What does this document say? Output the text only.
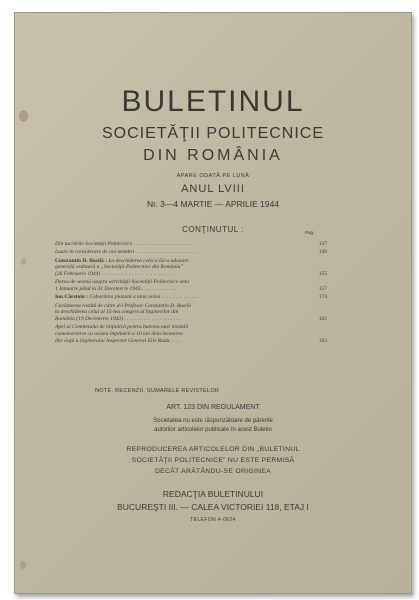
BULETINUL
SOCIETĂŢII POLITECNICE
DIN ROMÂNIA
APARE ODATĂ PE LUNĂ
ANUL LVIII
Nr. 3—4 MARTIE — APRILIE 1944
CONŢINUTUL :	Pag.
Din lucrările Societăţii Politecnice . . . . . . . . . . . . . . . . . . . . . .	137
Luare în considerare de noi membri . . . . . . . . . . . . . . . . . . . . . . .	149
Constantin D. Busilă : La deschiderea celei a 62-a adunare
generală ordinară a „Societăţii Politecnice din România”
(26 Februarie 1944) . . . . . . . . . . . . . . . . . . . . . . . . . . .	155
Darea de seamă asupra activităţii Societăţii Politecnice dela
1 Ianuarie până la 31 Decemvrie 1943 . . . . . . . . . . . . . .	157
Ion Cârstoiu : Coborârea planată a unui avion . . . . . . . . . . . . . .	174
Cuvântarea rostită de către d-l Profesor Constantin D. Busilă
la deschiderea celui al 15-lea congres al Inginerilor din
România (19 Decemvrie 1943) . . . . . . . . . . . . . . . . . . . . .	182
Apel al Comitetului de iniţiativă pentru baterea unei medalii
comemorative cu ocazia împlinirii a 10 ani dela încetarea
din viaţă a Inginerului Inspector General Elie Radu . . . .	183
NOTE, RECENZII, SUMARELE REVISTELOR
ART. 123 DIN REGULAMENT
Societatea nu este răspunzătoare de părerile
autorilor articolelor publicate în acest Buletin
REPRODUCEREA ARTICOLELOR DIN „BULETINUL
SOCIETĂŢII POLITECNICE” NU ESTE PERMISĂ
DECÂT ARĂTÂNDU-SE ORIGINEA
REDACŢIA BULETINULUI
BUCUREŞTI III. — CALEA VICTORIEI 118, ETAJ I
TELEFON 4-0624
